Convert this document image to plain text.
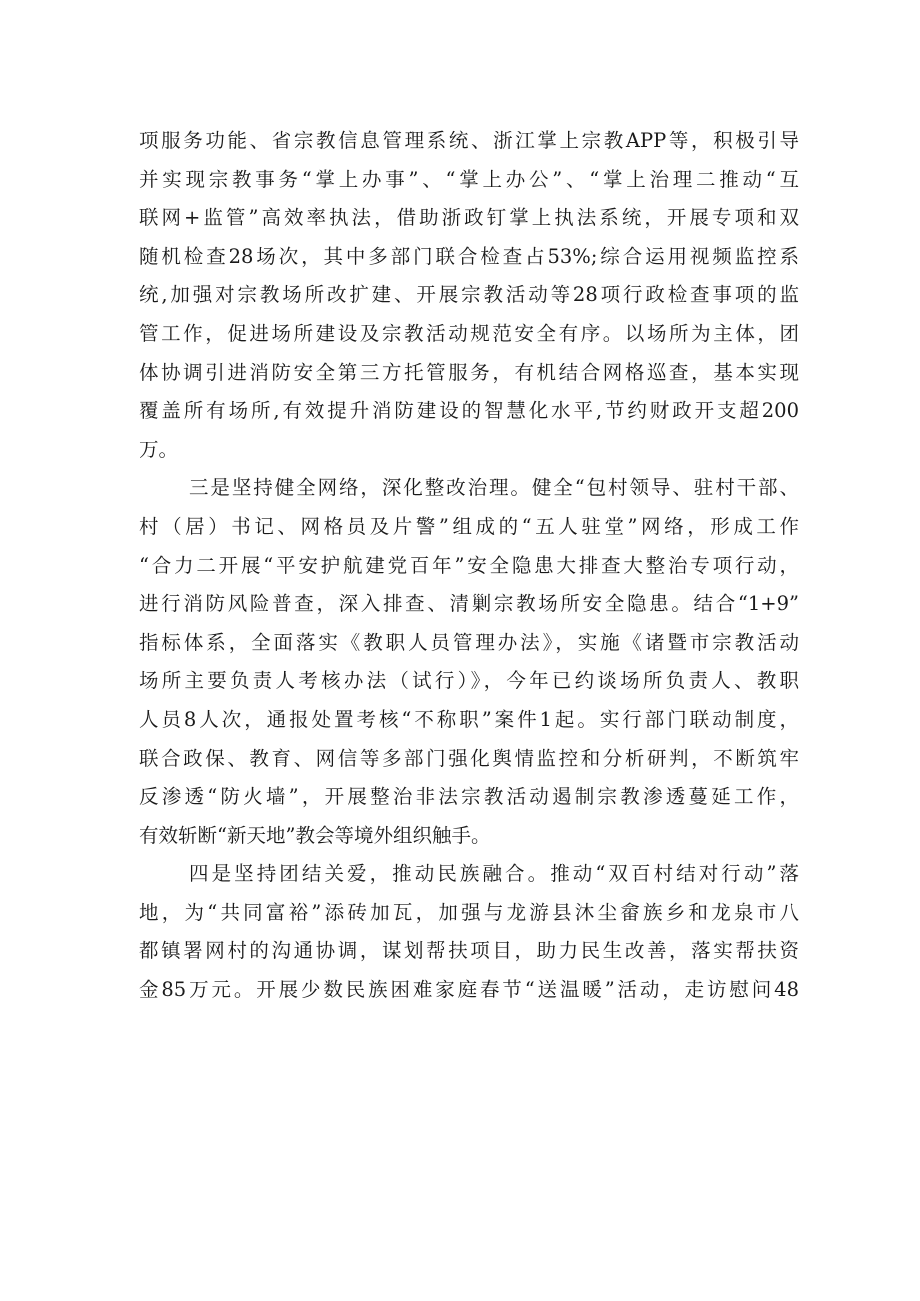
项服务功能、省宗教信息管理系统、浙江掌上宗教APP等，积极引导
并实现宗教事务“掌上办事”、“掌上办公”、“掌上治理二推动“互
联网+监管”高效率执法，借助浙政钉掌上执法系统，开展专项和双
随机检查28场次，其中多部门联合检查占53%;综合运用视频监控系
统,加强对宗教场所改扩建、开展宗教活动等28项行政检查事项的监
管工作，促进场所建设及宗教活动规范安全有序。以场所为主体，团
体协调引进消防安全第三方托管服务，有机结合网格巡查，基本实现
覆盖所有场所,有效提升消防建设的智慧化水平,节约财政开支超200
万。
三是坚持健全网络，深化整改治理。健全“包村领导、驻村干部、
村（居）书记、网格员及片警”组成的“五人驻堂”网络，形成工作
“合力二开展“平安护航建党百年”安全隐患大排查大整治专项行动，
进行消防风险普查，深入排查、清剿宗教场所安全隐患。结合“1+9”
指标体系，全面落实《教职人员管理办法》，实施《诸暨市宗教活动
场所主要负责人考核办法（试行）》，今年已约谈场所负责人、教职
人员8人次，通报处置考核“不称职”案件1起。实行部门联动制度，
联合政保、教育、网信等多部门强化舆情监控和分析研判，不断筑牢
反渗透“防火墙”，开展整治非法宗教活动遏制宗教渗透蔓延工作，
有效斩断“新天地”教会等境外组织触手。
四是坚持团结关爱，推动民族融合。推动“双百村结对行动”落
地，为“共同富裕”添砖加瓦，加强与龙游县沐尘畲族乡和龙泉市八
都镇署网村的沟通协调，谋划帮扶项目，助力民生改善，落实帮扶资
金85万元。开展少数民族困难家庭春节“送温暖”活动，走访慰问48
